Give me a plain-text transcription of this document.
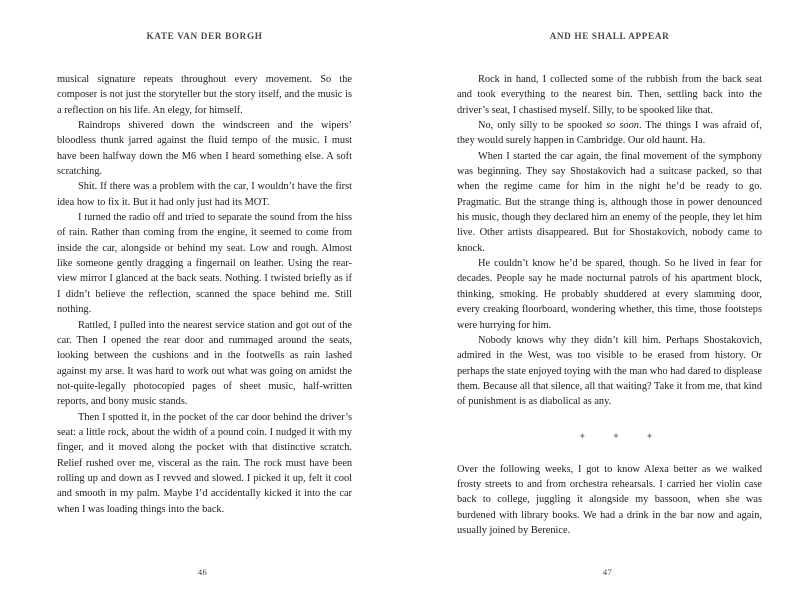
KATE VAN DER BORGH

musical signature repeats throughout every movement. So the composer is not just the storyteller but the story itself, and the music is a reflection on his life. An elegy, for himself.

Raindrops shivered down the windscreen and the wipers’ bloodless thunk jarred against the fluid tempo of the music. I must have been halfway down the M6 when I heard something else. A soft scratching.

Shit. If there was a problem with the car, I wouldn’t have the first idea how to fix it. But it had only just had its MOT.

I turned the radio off and tried to separate the sound from the hiss of rain. Rather than coming from the engine, it seemed to come from inside the car, alongside or behind my seat. Low and rough. Almost like someone gently dragging a fingernail on leather. Using the rear-view mirror I glanced at the back seats. Nothing. I twisted briefly as if I didn’t believe the reflection, scanned the space behind me. Still nothing.

Rattled, I pulled into the nearest service station and got out of the car. Then I opened the rear door and rummaged around the seats, looking between the cushions and in the footwells as rain lashed against my arse. It was hard to work out what was going on amidst the not-quite-legally photocopied pages of sheet music, half-written reports, and bony music stands.

Then I spotted it, in the pocket of the car door behind the driver’s seat: a little rock, about the width of a pound coin. I nudged it with my finger, and it moved along the pocket with that distinctive scratch. Relief rushed over me, visceral as the rain. The rock must have been rolling up and down as I revved and slowed. I picked it up, felt it cool and smooth in my palm. Maybe I’d accidentally kicked it into the car when I was loading things into the back.

46
AND HE SHALL APPEAR

Rock in hand, I collected some of the rubbish from the back seat and took everything to the nearest bin. Then, settling back into the driver’s seat, I chastised myself. Silly, to be spooked like that.

No, only silly to be spooked so soon. The things I was afraid of, they would surely happen in Cambridge. Our old haunt. Ha.

When I started the car again, the final movement of the symphony was beginning. They say Shostakovich had a suitcase packed, so that when the regime came for him in the night he’d be ready to go. Pragmatic. But the strange thing is, although those in power denounced his music, though they declared him an enemy of the people, they let him live. Other artists disappeared. But for Shostakovich, nobody came to knock.

He couldn’t know he’d be spared, though. So he lived in fear for decades. People say he made nocturnal patrols of his apartment block, thinking, smoking. He probably shuddered at every slamming door, every creaking floorboard, wondering whether, this time, those footsteps were hurrying for him.

Nobody knows why they didn’t kill him. Perhaps Shostakovich, admired in the West, was too visible to be erased from history. Or perhaps the state enjoyed toying with the man who had dared to displease them. Because all that silence, all that waiting? Take it from me, that kind of punishment is as diabolical as any.

✦ ✦ ✦

Over the following weeks, I got to know Alexa better as we walked frosty streets to and from orchestra rehearsals. I carried her violin case back to college, juggling it alongside my bassoon, when she was burdened with library books. We had a drink in the bar now and again, usually joined by Berenice.

47
